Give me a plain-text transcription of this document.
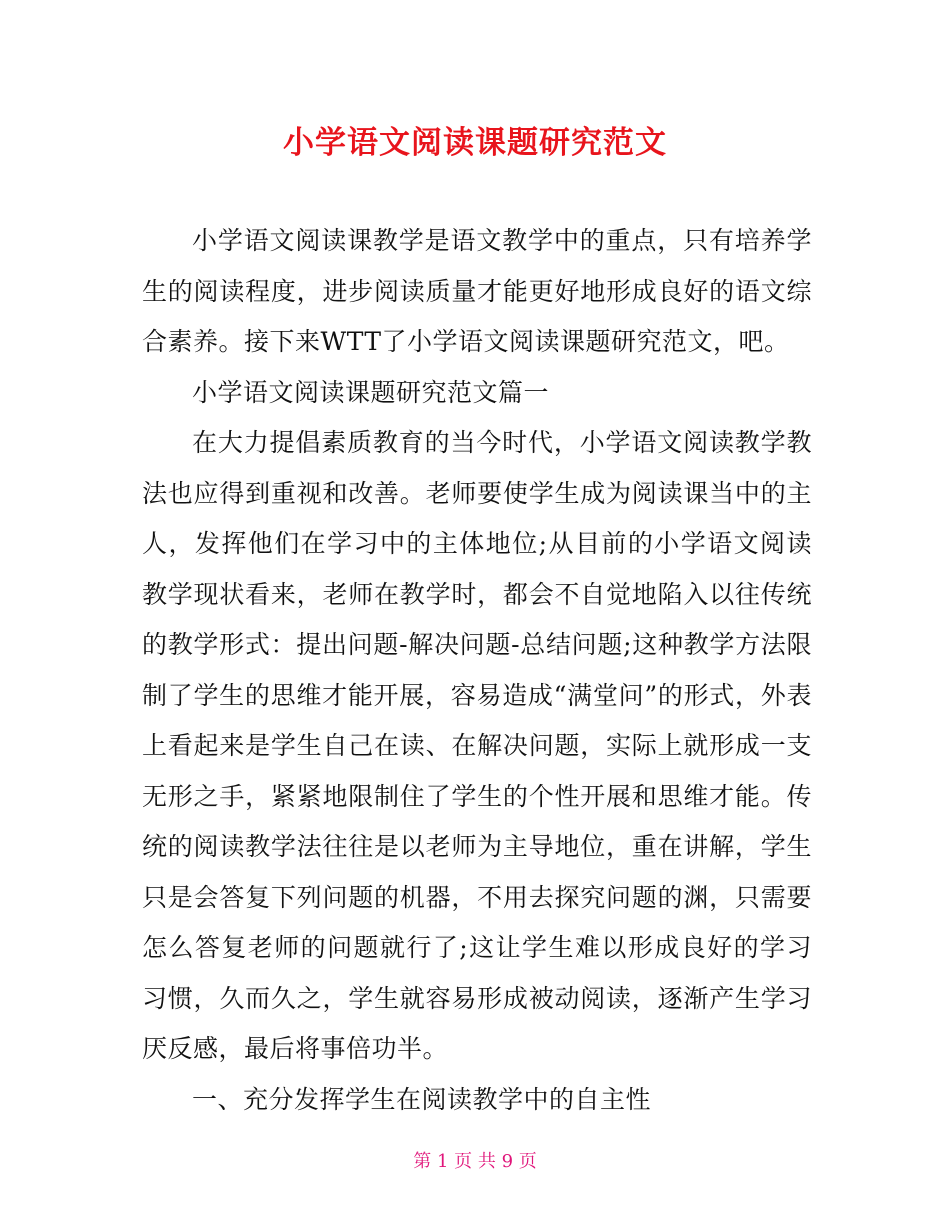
小学语文阅读课题研究范文

小学语文阅读课教学是语文教学中的重点，只有培养学生的阅读程度，进步阅读质量才能更好地形成良好的语文综合素养。接下来WTT了小学语文阅读课题研究范文，吧。

小学语文阅读课题研究范文篇一

在大力提倡素质教育的当今时代，小学语文阅读教学教法也应得到重视和改善。老师要使学生成为阅读课当中的主人，发挥他们在学习中的主体地位;从目前的小学语文阅读教学现状看来，老师在教学时，都会不自觉地陷入以往传统的教学形式：提出问题-解决问题-总结问题;这种教学方法限制了学生的思维才能开展，容易造成“满堂问”的形式，外表上看起来是学生自己在读、在解决问题，实际上就形成一支无形之手，紧紧地限制住了学生的个性开展和思维才能。传统的阅读教学法往往是以老师为主导地位，重在讲解，学生只是会答复下列问题的机器，不用去探究问题的渊，只需要怎么答复老师的问题就行了;这让学生难以形成良好的学习习惯，久而久之，学生就容易形成被动阅读，逐渐产生学习厌反感，最后将事倍功半。

一、充分发挥学生在阅读教学中的自主性

第 1 页 共 9 页
